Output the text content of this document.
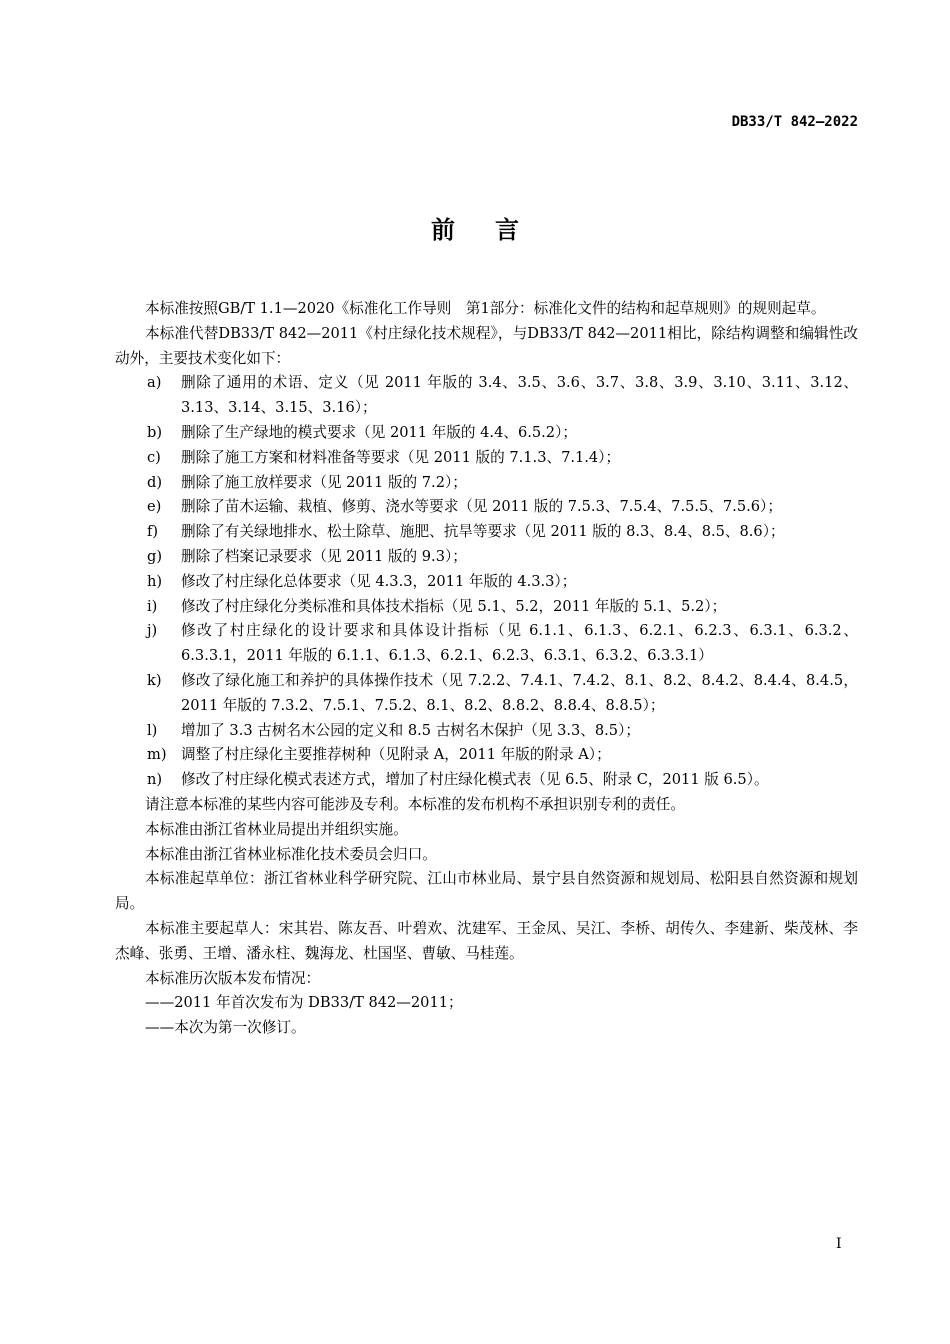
DB33/T 842—2022
前言

本标准按照GB/T 1.1—2020《标准化工作导则　第1部分：标准化文件的结构和起草规则》的规则起草。

本标准代替DB33/T 842—2011《村庄绿化技术规程》，与DB33/T 842—2011相比，除结构调整和编辑性改动外，主要技术变化如下：

a) 删除了通用的术语、定义（见 2011 年版的 3.4、3.5、3.6、3.7、3.8、3.9、3.10、3.11、3.12、3.13、3.14、3.15、3.16）；
b) 删除了生产绿地的模式要求（见 2011 年版的 4.4、6.5.2）；
c) 删除了施工方案和材料准备等要求（见 2011 版的 7.1.3、7.1.4）；
d) 删除了施工放样要求（见 2011 版的 7.2）；
e) 删除了苗木运输、栽植、修剪、浇水等要求（见 2011 版的 7.5.3、7.5.4、7.5.5、7.5.6）；
f) 删除了有关绿地排水、松土除草、施肥、抗旱等要求（见 2011 版的 8.3、8.4、8.5、8.6）；
g) 删除了档案记录要求（见 2011 版的 9.3）；
h) 修改了村庄绿化总体要求（见 4.3.3，2011 年版的 4.3.3）；
i) 修改了村庄绿化分类标准和具体技术指标（见 5.1、5.2，2011 年版的 5.1、5.2）；
j) 修改了村庄绿化的设计要求和具体设计指标（见 6.1.1、6.1.3、6.2.1、6.2.3、6.3.1、6.3.2、6.3.3.1，2011 年版的 6.1.1、6.1.3、6.2.1、6.2.3、6.3.1、6.3.2、6.3.3.1）
k) 修改了绿化施工和养护的具体操作技术（见 7.2.2、7.4.1、7.4.2、8.1、8.2、8.4.2、8.4.4、8.4.5，2011 年版的 7.3.2、7.5.1、7.5.2、8.1、8.2、8.8.2、8.8.4、8.8.5）；
l) 增加了 3.3 古树名木公园的定义和 8.5 古树名木保护（见 3.3、8.5）；
m) 调整了村庄绿化主要推荐树种（见附录 A，2011 年版的附录 A）；
n) 修改了村庄绿化模式表述方式，增加了村庄绿化模式表（见 6.5、附录 C，2011 版 6.5）。

请注意本标准的某些内容可能涉及专利。本标准的发布机构不承担识别专利的责任。

本标准由浙江省林业局提出并组织实施。

本标准由浙江省林业标准化技术委员会归口。

本标准起草单位：浙江省林业科学研究院、江山市林业局、景宁县自然资源和规划局、松阳县自然资源和规划局。

本标准主要起草人：宋其岩、陈友吾、叶碧欢、沈建军、王金凤、吴江、李桥、胡传久、李建新、柴茂林、李杰峰、张勇、王增、潘永柱、魏海龙、杜国坚、曹敏、马桂莲。

本标准历次版本发布情况：

——2011 年首次发布为 DB33/T 842—2011；
——本次为第一次修订。
I
